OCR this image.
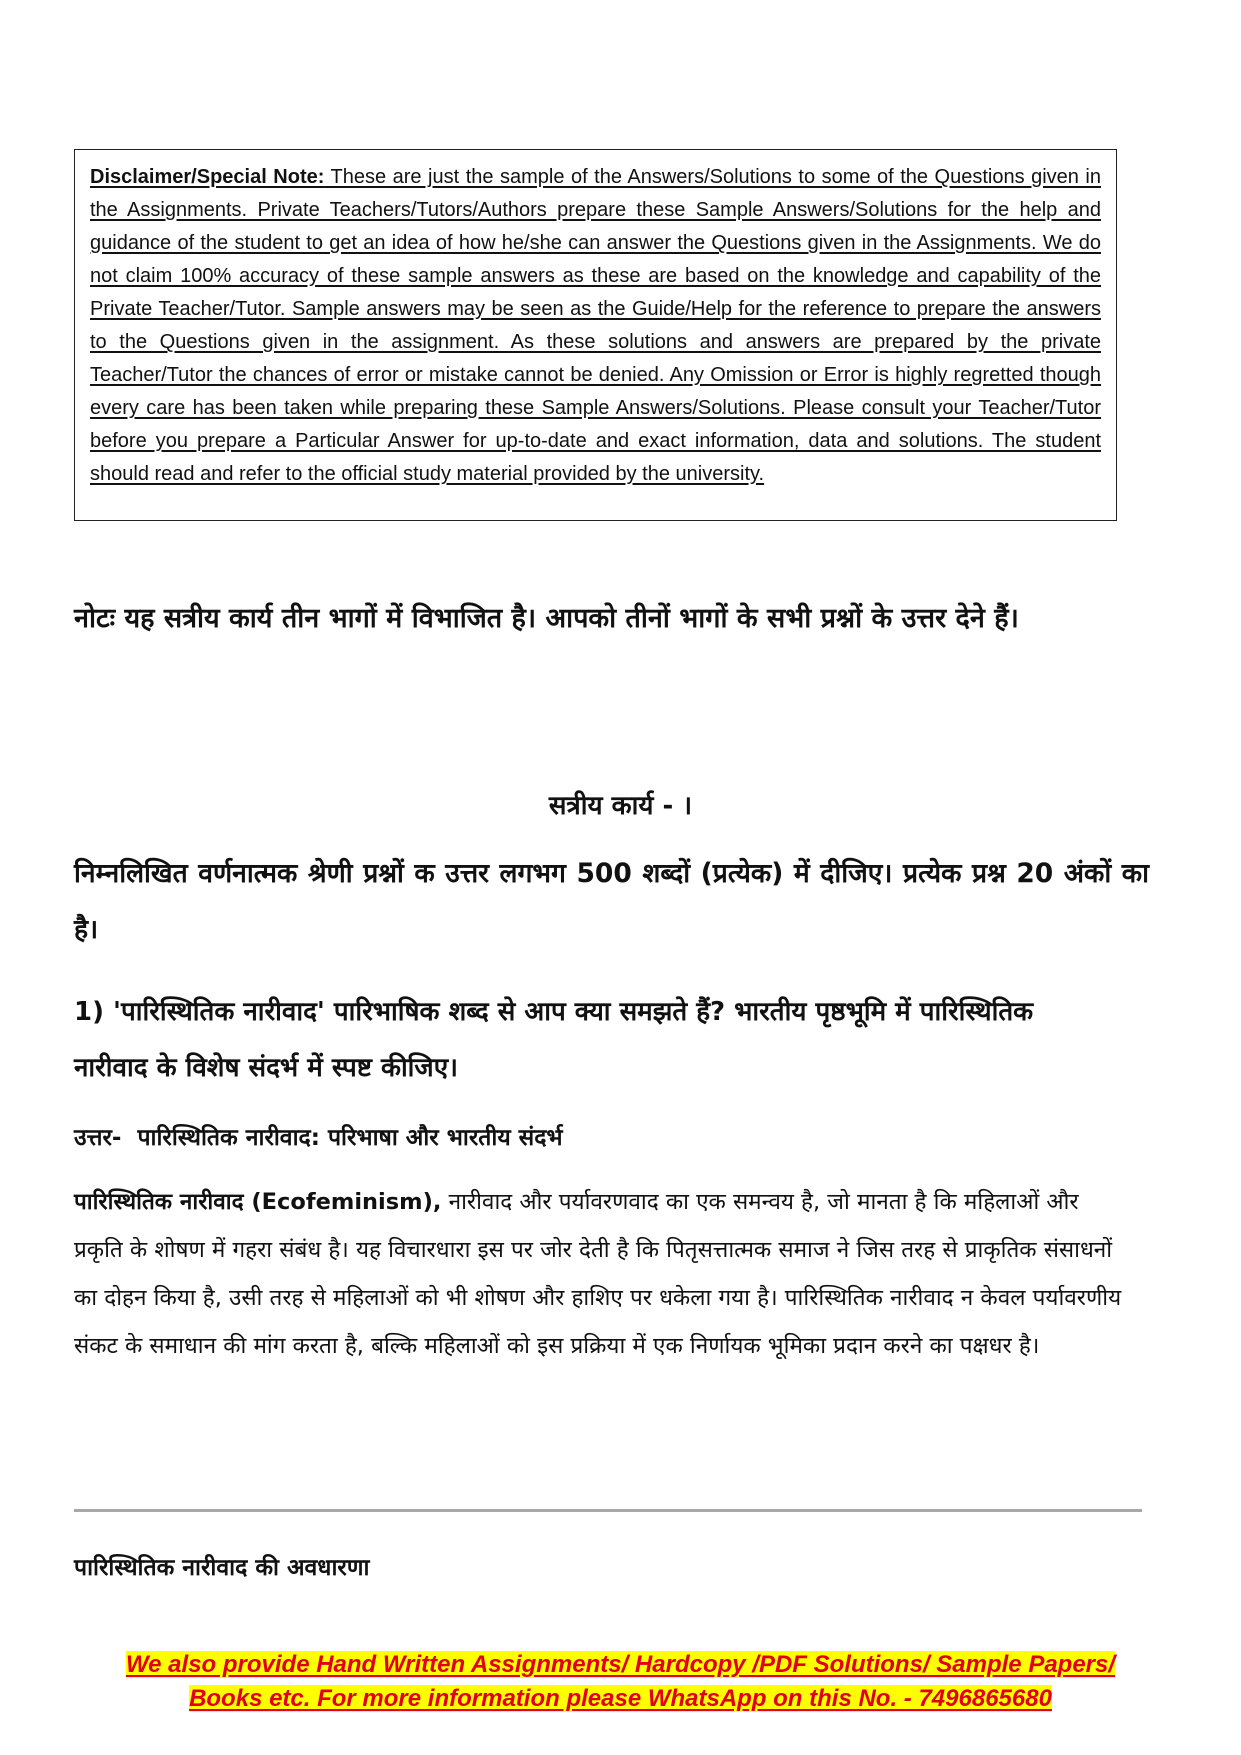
Disclaimer/Special Note: These are just the sample of the Answers/Solutions to some of the Questions given in the Assignments. Private Teachers/Tutors/Authors prepare these Sample Answers/Solutions for the help and guidance of the student to get an idea of how he/she can answer the Questions given in the Assignments. We do not claim 100% accuracy of these sample answers as these are based on the knowledge and capability of the Private Teacher/Tutor. Sample answers may be seen as the Guide/Help for the reference to prepare the answers to the Questions given in the assignment. As these solutions and answers are prepared by the private Teacher/Tutor the chances of error or mistake cannot be denied. Any Omission or Error is highly regretted though every care has been taken while preparing these Sample Answers/Solutions. Please consult your Teacher/Tutor before you prepare a Particular Answer for up-to-date and exact information, data and solutions. The student should read and refer to the official study material provided by the university.

नोटः यह सत्रीय कार्य तीन भागों में विभाजित है। आपको तीनों भागों के सभी प्रश्नों के उत्तर देने हैं।
सत्रीय कार्य - ।
निम्नलिखित वर्णनात्मक श्रेणी प्रश्नों क उत्तर लगभग 500 शब्दों (प्रत्येक) में दीजिए। प्रत्येक प्रश्न 20 अंकों का है।
1) 'पारिस्थितिक नारीवाद' पारिभाषिक शब्द से आप क्या समझते हैं? भारतीय पृष्ठभूमि में पारिस्थितिक नारीवाद के विशेष संदर्भ में स्पष्ट कीजिए।
उत्तर- पारिस्थितिक नारीवाद: परिभाषा और भारतीय संदर्भ
पारिस्थितिक नारीवाद (Ecofeminism), नारीवाद और पर्यावरणवाद का एक समन्वय है, जो मानता है कि महिलाओं और प्रकृति के शोषण में गहरा संबंध है। यह विचारधारा इस पर जोर देती है कि पितृसत्तात्मक समाज ने जिस तरह से प्राकृतिक संसाधनों का दोहन किया है, उसी तरह से महिलाओं को भी शोषण और हाशिए पर धकेला गया है। पारिस्थितिक नारीवाद न केवल पर्यावरणीय संकट के समाधान की मांग करता है, बल्कि महिलाओं को इस प्रक्रिया में एक निर्णायक भूमिका प्रदान करने का पक्षधर है।
पारिस्थितिक नारीवाद की अवधारणा
We also provide Hand Written Assignments/ Hardcopy /PDF Solutions/ Sample Papers/
Books etc. For more information please WhatsApp on this No. - 7496865680
